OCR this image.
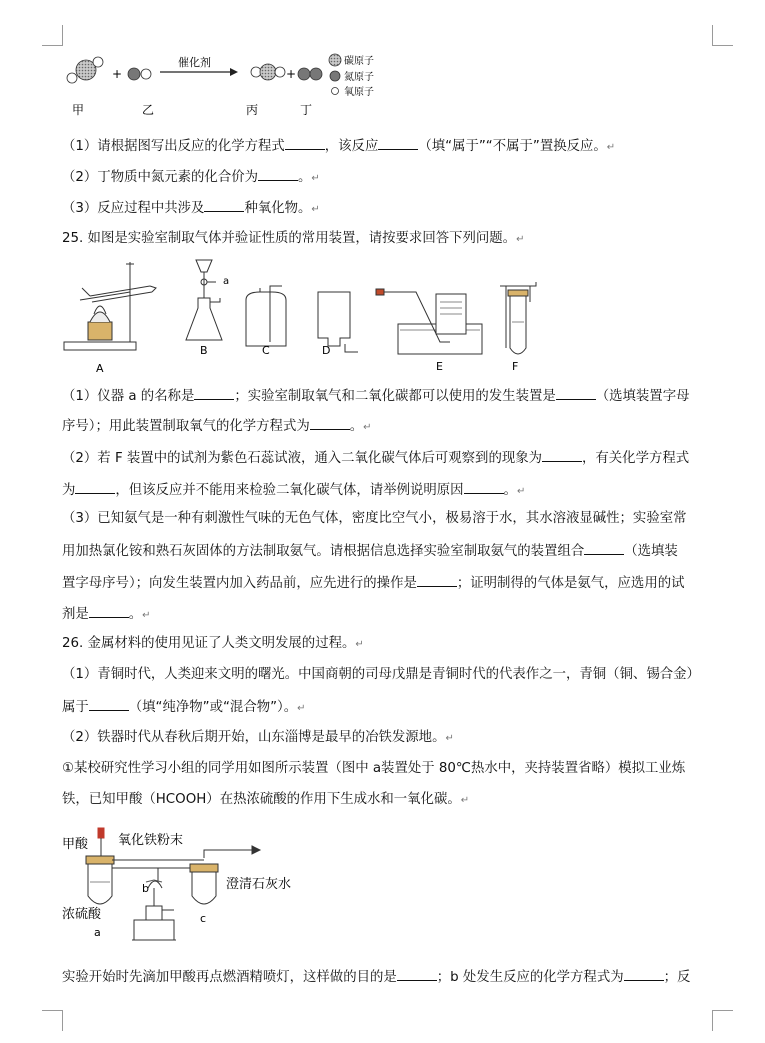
+
催化剂
+
甲	乙	丙	丁
碳原子
氮原子
氧原子
（1）请根据图写出反应的化学方程式	，该反应	（填“属于”“不属于”置换反应。↵
（2）丁物质中氮元素的化合价为	。↵
（3）反应过程中共涉及	种氧化物。↵
25. 如图是实验室制取气体并验证性质的常用装置，请按要求回答下列问题。↵
a
A
B	C	D
E	F
（1）仪器 a 的名称是	；实验室制取氧气和二氧化碳都可以使用的发生装置是	（选填装置字母
序号）；用此装置制取氧气的化学方程式为	。↵
（2）若 F 装置中的试剂为紫色石蕊试液，通入二氧化碳气体后可观察到的现象为	，有关化学方程式
为	，但该反应并不能用来检验二氧化碳气体，请举例说明原因	。↵
（3）已知氨气是一种有刺激性气味的无色气体，密度比空气小，极易溶于水，其水溶液显碱性；实验室常
用加热氯化铵和熟石灰固体的方法制取氨气。请根据信息选择实验室制取氨气的装置组合	（选填装
置字母序号）；向发生装置内加入药品前，应先进行的操作是	；证明制得的气体是氨气，应选用的试
剂是	。↵
26. 金属材料的使用见证了人类文明发展的过程。↵
（1）青铜时代，人类迎来文明的曙光。中国商朝的司母戊鼎是青铜时代的代表作之一，青铜（铜、锡合金）
属于	（填“纯净物”或“混合物”）。↵
（2）铁器时代从春秋后期开始，山东淄博是最早的冶铁发源地。↵
①某校研究性学习小组的同学用如图所示装置（图中 a装置处于 80℃热水中，夹持装置省略）模拟工业炼
铁，已知甲酸（HCOOH）在热浓硫酸的作用下生成水和一氧化碳。↵
甲酸 氧化铁粉末
澄清石灰水
浓硫酸
a
b
c
实验开始时先滴加甲酸再点燃酒精喷灯，这样做的目的是	；b 处发生反应的化学方程式为	；反
